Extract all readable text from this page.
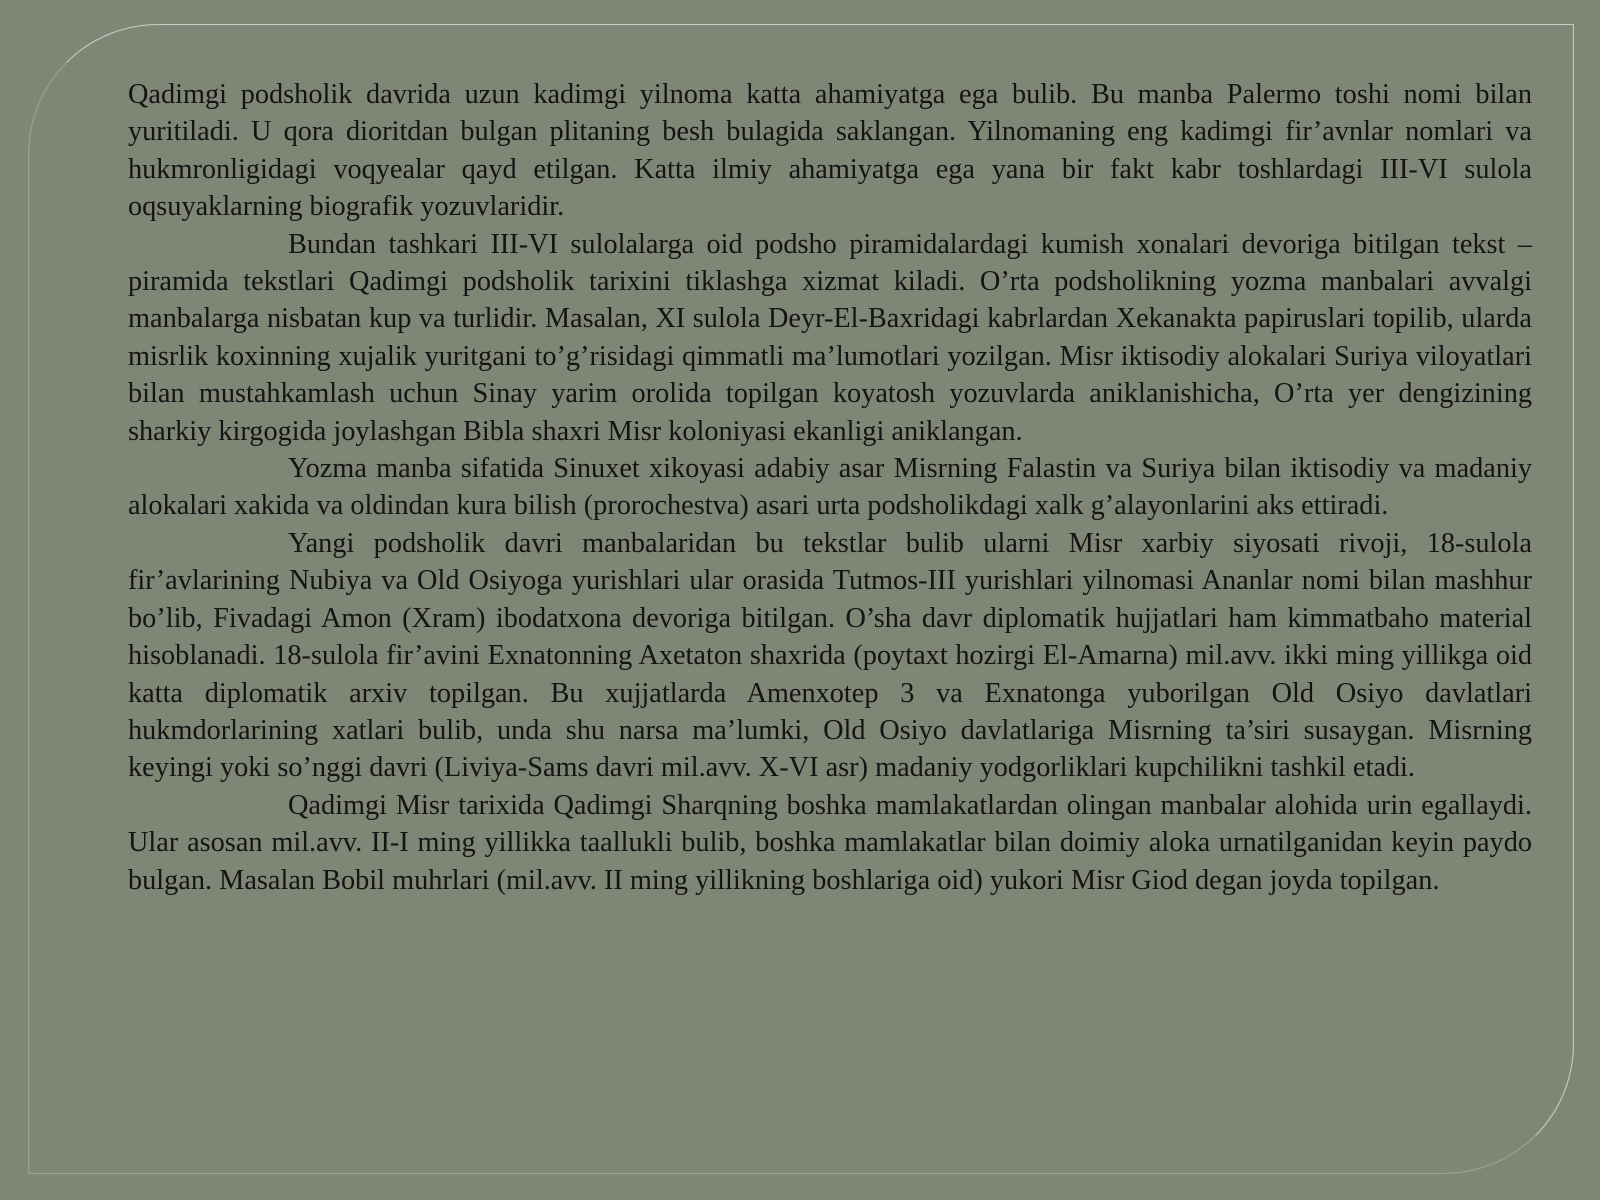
Qadimgi podsholik davrida uzun kadimgi yilnoma katta ahamiyatga ega bulib. Bu manba Palermo toshi nomi bilan yuritiladi. U qora dioritdan bulgan plitaning besh bulagida saklangan. Yilnomaning eng kadimgi fir’avnlar nomlari va hukmronligidagi voqyealar qayd etilgan. Katta ilmiy ahamiyatga ega yana bir fakt kabr toshlardagi III-VI sulola oqsuyaklarning biografik yozuvlaridir.

Bundan tashkari III-VI sulolalarga oid podsho piramidalardagi kumish xonalari devoriga bitilgan tekst – piramida tekstlari Qadimgi podsholik tarixini tiklashga xizmat kiladi. O’rta podsholikning yozma manbalari avvalgi manbalarga nisbatan kup va turlidir. Masalan, XI sulola Deyr-El-Baxridagi kabrlardan Xekanakta papiruslari topilib, ularda misrlik koxinning xujalik yuritgani to’g’risidagi qimmatli ma’lumotlari yozilgan. Misr iktisodiy alokalari Suriya viloyatlari bilan mustahkamlash uchun Sinay yarim orolida topilgan koyatosh yozuvlarda aniklanishicha, O’rta yer dengizining sharkiy kirgogida joylashgan Bibla shaxri Misr koloniyasi ekanligi aniklangan.

Yozma manba sifatida Sinuxet xikoyasi adabiy asar Misrning Falastin va Suriya bilan iktisodiy va madaniy alokalari xakida va oldindan kura bilish (prorochestva) asari urta podsholikdagi xalk g’alayonlarini aks ettiradi.

Yangi podsholik davri manbalaridan bu tekstlar bulib ularni Misr xarbiy siyosati rivoji, 18-sulola fir’avlarining Nubiya va Old Osiyoga yurishlari ular orasida Tutmos-III yurishlari yilnomasi Ananlar nomi bilan mashhur bo’lib, Fivadagi Amon (Xram) ibodatxona devoriga bitilgan. O’sha davr diplomatik hujjatlari ham kimmatbaho material hisoblanadi. 18-sulola fir’avini Exnatonning Axetaton shaxrida (poytaxt hozirgi El-Amarna) mil.avv. ikki ming yillikga oid katta diplomatik arxiv topilgan. Bu xujjatlarda Amenxotep 3 va Exnatonga yuborilgan Old Osiyo davlatlari hukmdorlarining xatlari bulib, unda shu narsa ma’lumki, Old Osiyo davlatlariga Misrning ta’siri susaygan. Misrning keyingi yoki so’nggi davri (Liviya-Sams davri mil.avv. X-VI asr) madaniy yodgorliklari kupchilikni tashkil etadi.

Qadimgi Misr tarixida Qadimgi Sharqning boshka mamlakatlardan olingan manbalar alohida urin egallaydi. Ular asosan mil.avv. II-I ming yillikka taallukli bulib, boshka mamlakatlar bilan doimiy aloka urnatilganidan keyin paydo bulgan. Masalan Bobil muhrlari (mil.avv. II ming yillikning boshlariga oid) yukori Misr Giod degan joyda topilgan.
